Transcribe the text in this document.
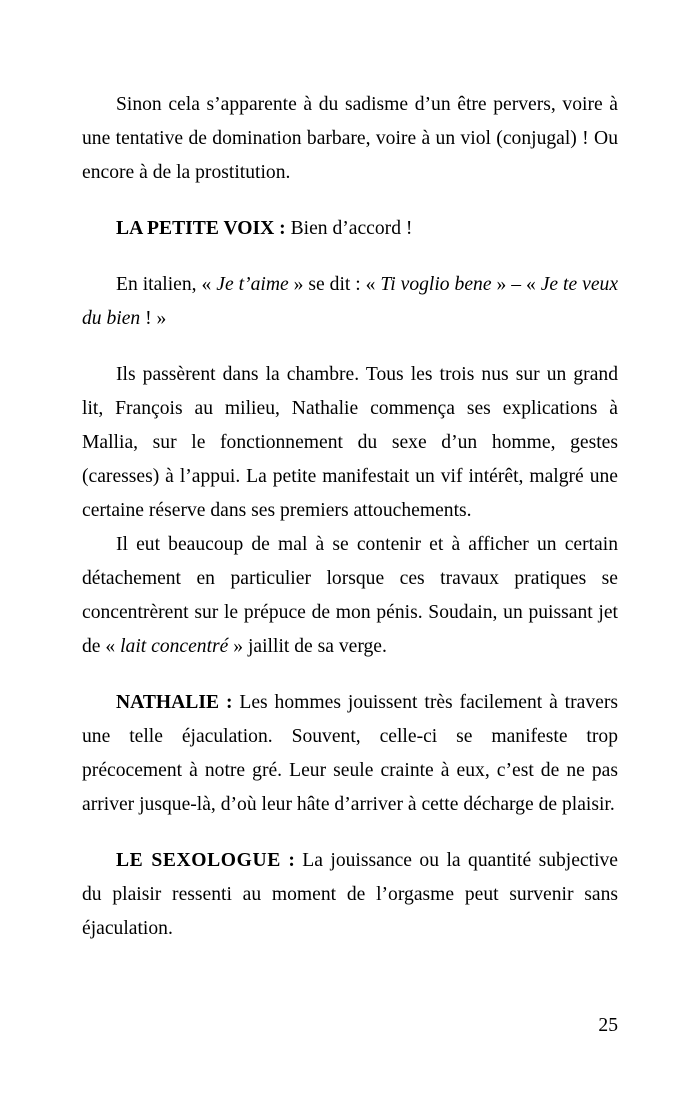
Sinon cela s’apparente à du sadisme d’un être pervers, voire à une tentative de domination barbare, voire à un viol (conjugal) ! Ou encore à de la prostitution.

LA PETITE VOIX : Bien d’accord !

En italien, « Je t’aime » se dit : « Ti voglio bene » – « Je te veux du bien ! »

Ils passèrent dans la chambre. Tous les trois nus sur un grand lit, François au milieu, Nathalie commença ses explications à Mallia, sur le fonctionnement du sexe d’un homme, gestes (caresses) à l’appui. La petite manifestait un vif intérêt, malgré une certaine réserve dans ses premiers attouchements.

Il eut beaucoup de mal à se contenir et à afficher un certain détachement en particulier lorsque ces travaux pratiques se concentrèrent sur le prépuce de mon pénis. Soudain, un puissant jet de « lait concentré » jaillit de sa verge.

NATHALIE : Les hommes jouissent très facilement à travers une telle éjaculation. Souvent, celle-ci se manifeste trop précocement à notre gré. Leur seule crainte à eux, c’est de ne pas arriver jusque-là, d’où leur hâte d’arriver à cette décharge de plaisir.

LE SEXOLOGUE : La jouissance ou la quantité subjective du plaisir ressenti au moment de l’orgasme peut survenir sans éjaculation.

25
